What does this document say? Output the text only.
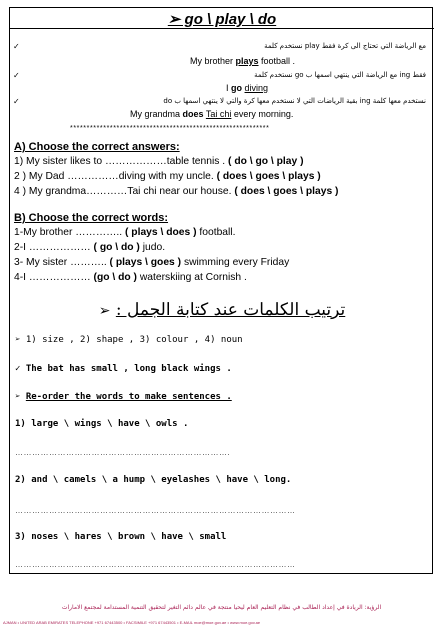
➢ go \ play \ do
✓	مع الرياضة التي تحتاج الى كرة فقط play نستخدم كلمة
My brother plays football .
✓	فقط ing مع الرياضة التي ينتهي اسمها ب go نستخدم كلمة
I go diving
✓	نستخدم معها كلمة ing بقية الرياضات التي لا نستخدم معها كرة والتي لا ينتهي اسمها ب do
My grandma does Tai chi every morning.
************************************************************
A) Choose the correct answers:
1) My sister likes to ………………table tennis . ( do \ go \ play )
2 ) My Dad ……………diving with my uncle. ( does \ goes \ plays )
4 ) My grandma…………Tai chi near our house. ( does \ goes \ plays )
B) Choose the correct words:
1-My brother ………….. ( plays \ does ) football.
2-I ……………… ( go \ do ) judo.
3- My sister ……….. ( plays \ goes ) swimming every Friday
4-I ……………… (go \ do ) waterskiing at Cornish .
ترتيب الكلمات عند كتابة الجمل : ➢
➢ 1) size , 2) shape , 3) colour , 4) noun
✓ The bat has small , long black wings .
➢ Re-order the words to make sentences .
1) large \ wings \ have \ owls .
………………………………………………………………….
2) and \ camels \ a hump \ eyelashes \ have \ long.
………………………………………………………………………………………
3) noses \ hares \ brown \ have \ small
………………………………………………………………………………………
الرؤية: الريادة في إعداد الطالب في نظام التعليم العام ليحيا منتجة في عالم دائم التغير لتحقيق التنمية المستدامة لمجتمع الامارات
AJMAN • UNITED ARAB EMIRATES TELEPHONE +971 67443500 • FACSIMILE +971 67443501 • E-MAIL moe@moe.gov.ae • www.moe.gov.ae
